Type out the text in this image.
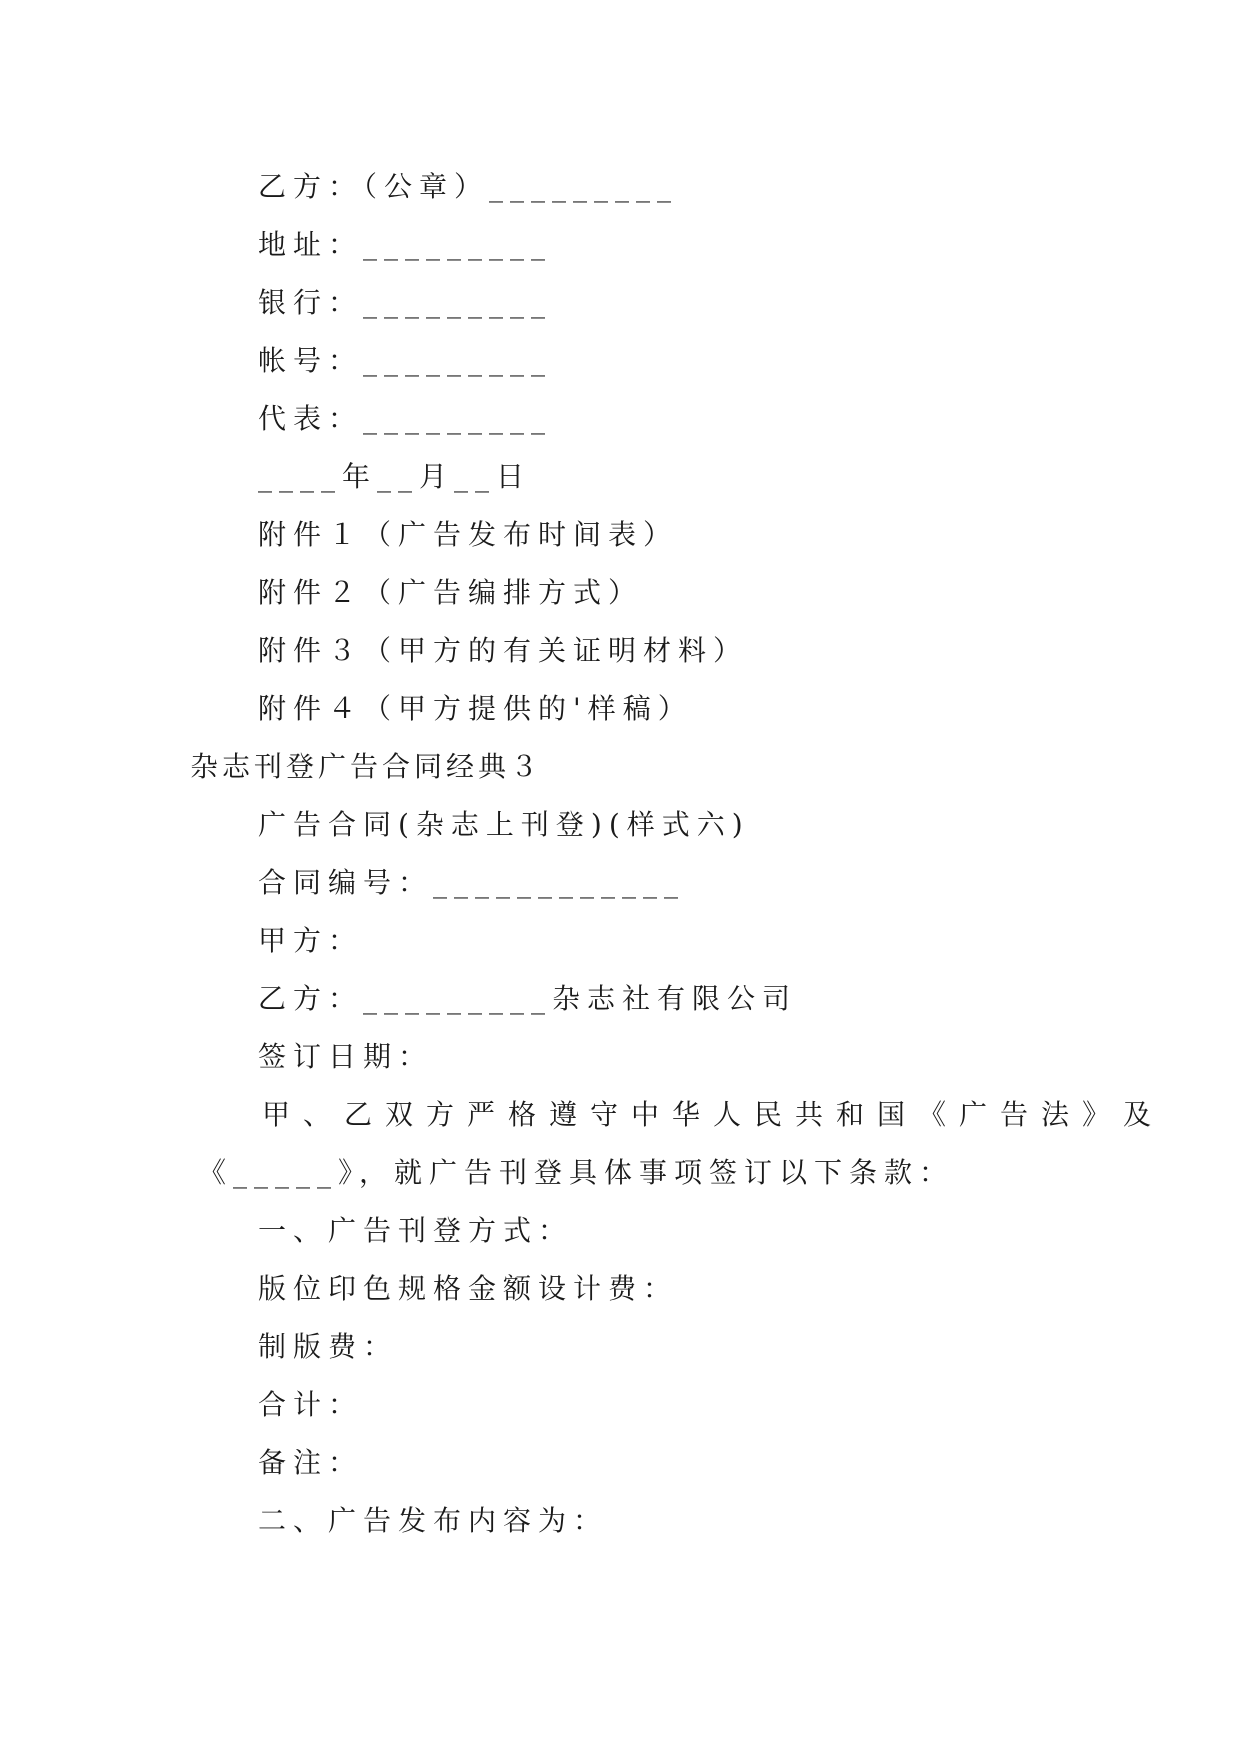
乙方：（公章）_________
地址：_________
银行：_________
帐号：_________
代表：_________
____年__月__日
附件１（广告发布时间表）
附件２（广告编排方式）
附件３（甲方的有关证明材料）
附件４（甲方提供的'样稿）
杂志刊登广告合同经典３
广告合同(杂志上刊登)(样式六)
合同编号：____________
甲方：
乙方：_________杂志社有限公司
签订日期：
甲、乙双方严格遵守中华人民共和国《广告法》及
《_____》，就广告刊登具体事项签订以下条款：
一、广告刊登方式：
版位印色规格金额设计费：
制版费：
合计：
备注：
二、广告发布内容为：
